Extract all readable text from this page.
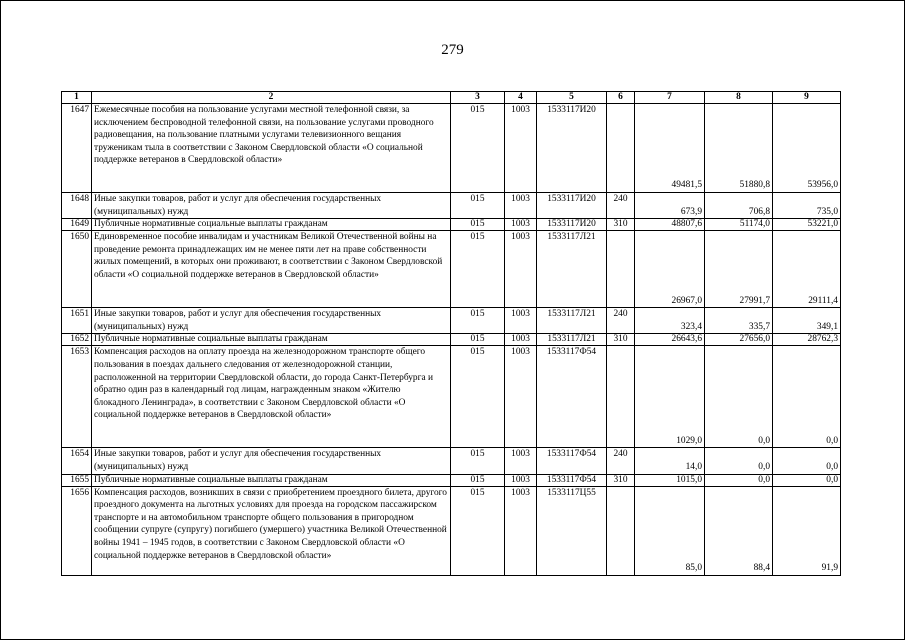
279
1	2	3	4	5	6	7	8	9
1647	Ежемесячные пособия на пользование услугами местной телефонной связи, за исключением беспроводной телефонной связи, на пользование услугами проводного радиовещания, на пользование платными услугами телевизионного вещания труженикам тыла в соответствии с Законом Свердловской области «О социальной поддержке ветеранов в Свердловской области»	015	1003	1533117И20		49481,5	51880,8	53956,0
1648	Иные закупки товаров, работ и услуг для обеспечения государственных (муниципальных) нужд	015	1003	1533117И20	240	673,9	706,8	735,0
1649	Публичные нормативные социальные выплаты гражданам	015	1003	1533117И20	310	48807,6	51174,0	53221,0
1650	Единовременное пособие инвалидам и участникам Великой Отечественной войны на проведение ремонта принадлежащих им не менее пяти лет на праве собственности жилых помещений, в которых они проживают, в соответствии с Законом Свердловской области «О социальной поддержке ветеранов в Свердловской области»	015	1003	1533117Л21		26967,0	27991,7	29111,4
1651	Иные закупки товаров, работ и услуг для обеспечения государственных (муниципальных) нужд	015	1003	1533117Л21	240	323,4	335,7	349,1
1652	Публичные нормативные социальные выплаты гражданам	015	1003	1533117Л21	310	26643,6	27656,0	28762,3
1653	Компенсация расходов на оплату проезда на железнодорожном транспорте общего пользования в поездах дальнего следования от железнодорожной станции, расположенной на территории Свердловской области, до города Санкт-Петербурга и обратно один раз в календарный год лицам, награжденным знаком «Жителю блокадного Ленинграда», в соответствии с Законом Свердловской области «О социальной поддержке ветеранов в Свердловской области»	015	1003	1533117Ф54		1029,0	0,0	0,0
1654	Иные закупки товаров, работ и услуг для обеспечения государственных (муниципальных) нужд	015	1003	1533117Ф54	240	14,0	0,0	0,0
1655	Публичные нормативные социальные выплаты гражданам	015	1003	1533117Ф54	310	1015,0	0,0	0,0
1656	Компенсация расходов, возникших в связи с приобретением проездного билета, другого проездного документа на льготных условиях для проезда на городском пассажирском транспорте и на автомобильном транспорте общего пользования в пригородном сообщении супруге (супругу) погибшего (умершего) участника Великой Отечественной войны 1941 – 1945 годов, в соответствии с Законом Свердловской области «О социальной поддержке ветеранов в Свердловской области»	015	1003	1533117Ц55		85,0	88,4	91,9
